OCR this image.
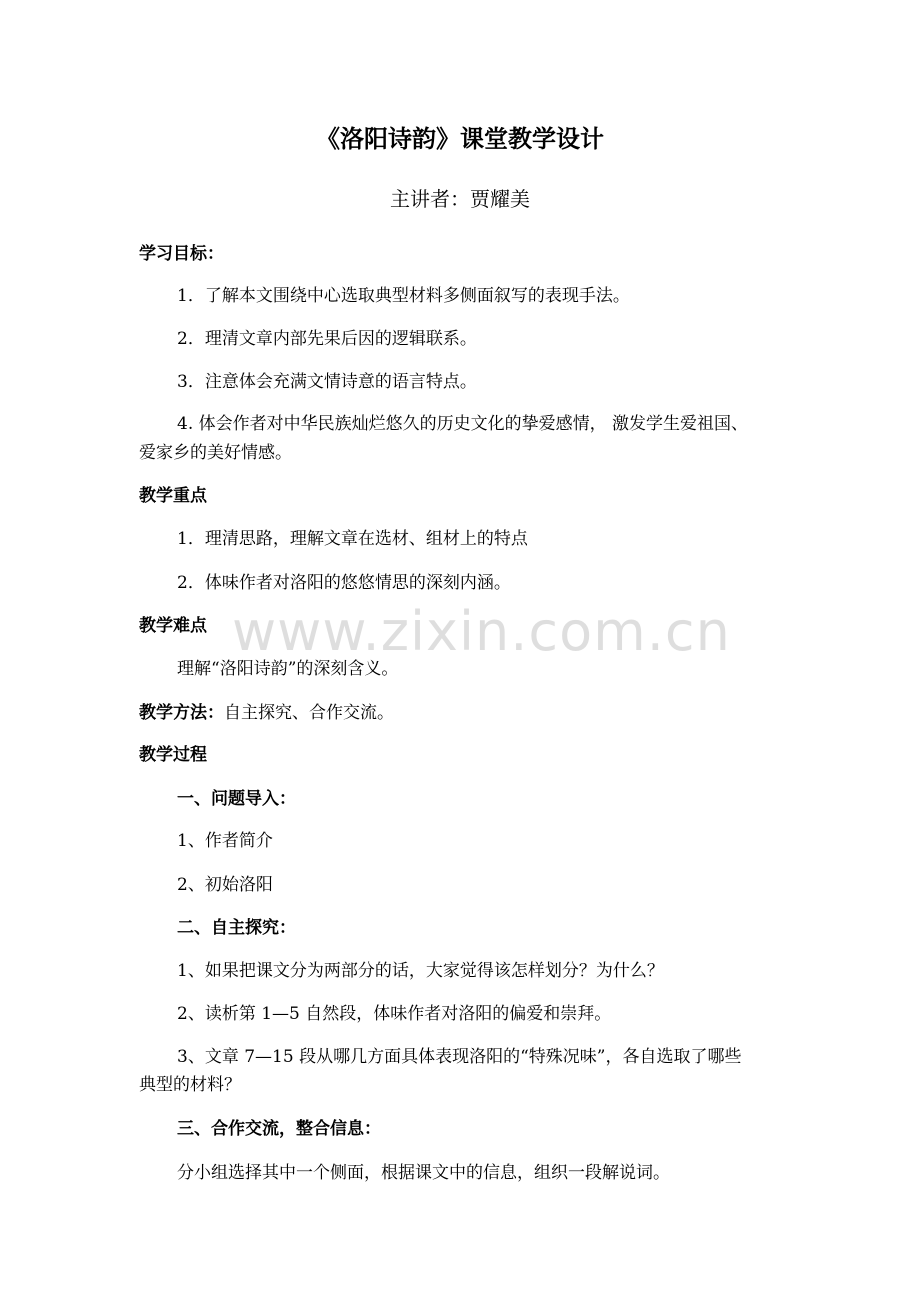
《洛阳诗韵》课堂教学设计
主讲者：贾耀美
学习目标：
1．了解本文围绕中心选取典型材料多侧面叙写的表现手法。
2．理清文章内部先果后因的逻辑联系。
3．注意体会充满文情诗意的语言特点。
4. 体会作者对中华民族灿烂悠久的历史文化的挚爱感情， 激发学生爱祖国、
爱家乡的美好情感。
教学重点
1．理清思路，理解文章在选材、组材上的特点
2．体味作者对洛阳的悠悠情思的深刻内涵。
教学难点
理解“洛阳诗韵”的深刻含义。
教学方法：自主探究、合作交流。
教学过程
一、问题导入：
1、作者简介
2、初始洛阳
二、自主探究：
1、如果把课文分为两部分的话，大家觉得该怎样划分？为什么？
2、读析第 1—5 自然段，体味作者对洛阳的偏爱和崇拜。
3、文章 7—15 段从哪几方面具体表现洛阳的“特殊况味”，各自选取了哪些
典型的材料？
三、合作交流，整合信息：
分小组选择其中一个侧面，根据课文中的信息，组织一段解说词。
www.zixin.com.cn
